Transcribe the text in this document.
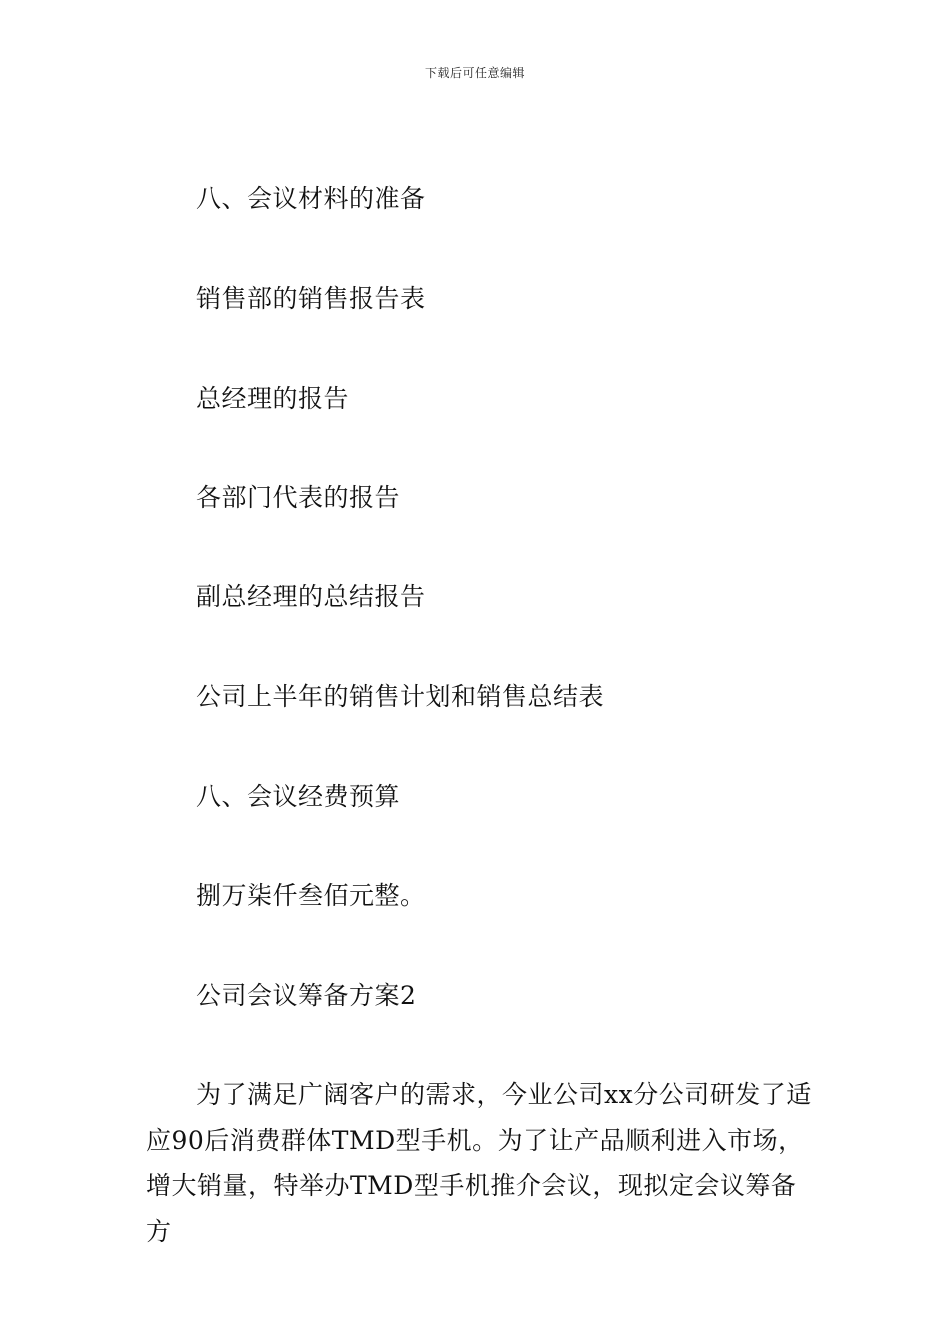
下载后可任意编辑
八、会议材料的准备
销售部的销售报告表
总经理的报告
各部门代表的报告
副总经理的总结报告
公司上半年的销售计划和销售总结表
八、会议经费预算
捌万柒仟叁佰元整。
公司会议筹备方案2

为了满足广阔客户的需求，今业公司xx分公司研发了适应90后消费群体TMD型手机。为了让产品顺利进入市场，增大销量，特举办TMD型手机推介会议，现拟定会议筹备方
